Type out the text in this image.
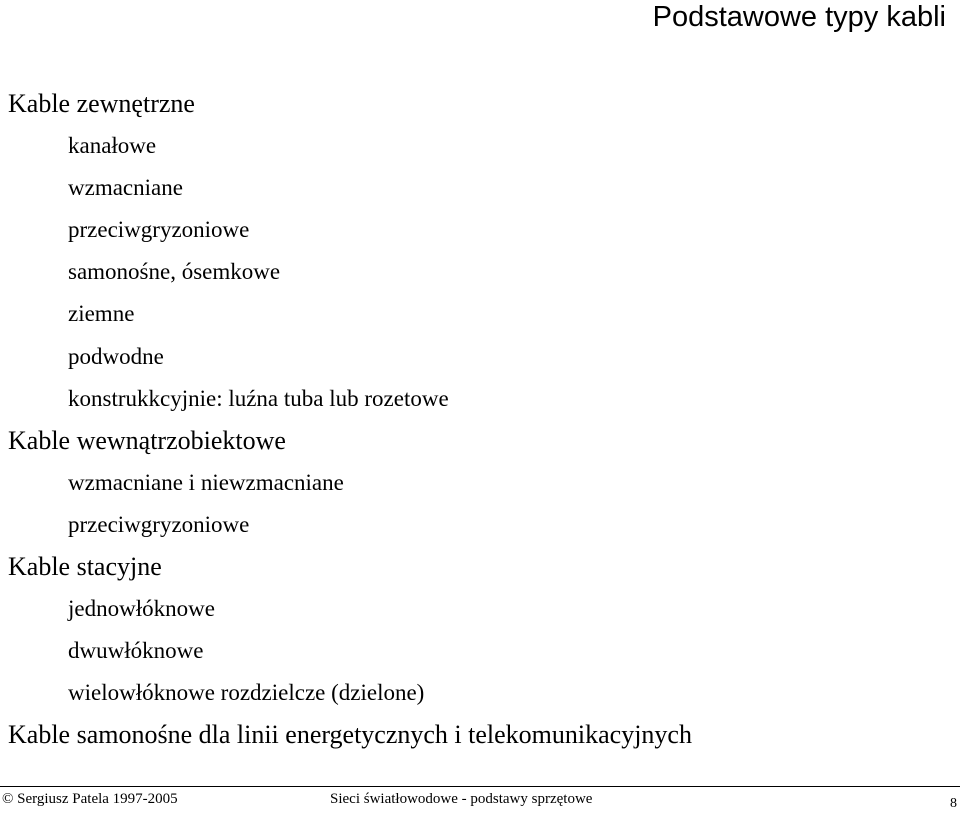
Podstawowe typy kabli
Kable zewnętrzne
kanałowe
wzmacniane
przeciwgryzoniowe
samonośne, ósemkowe
ziemne
podwodne
konstrukkcyjnie: luźna tuba lub rozetowe
Kable wewnątrzobiektowe
wzmacniane i niewzmacniane
przeciwgryzoniowe
Kable stacyjne
jednowłóknowe
dwuwłóknowe
wielowłóknowe rozdzielcze (dzielone)
Kable samonośne dla linii energetycznych i telekomunikacyjnych
© Sergiusz Patela 1997-2005	Sieci światłowodowe - podstawy sprzętowe	8
